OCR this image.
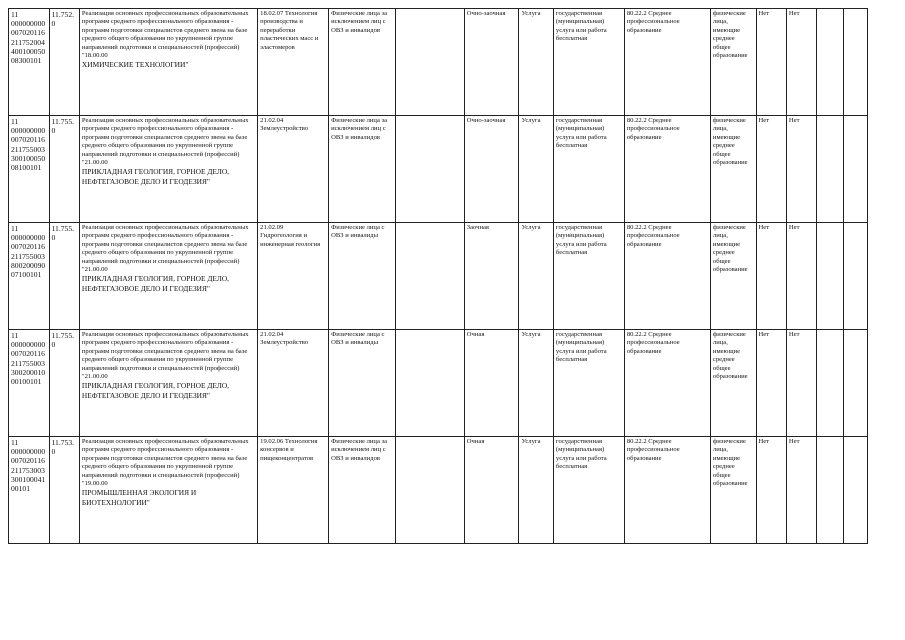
11 00000000000702011621175200440010005008300101	11.752.0	Реализация основных профессиональных образовательных программ среднего профессионального образования - программ подготовки специалистов среднего звена на базе среднего общего образования по укрупненной группе направлений подготовки и специальностей (профессий) "18.00.00
ХИМИЧЕСКИЕ ТЕХНОЛОГИИ"	18.02.07 Технология производства и переработки пластических масс и эластомеров	Физические лица за исключением лиц с ОВЗ и инвалидов		Очно-заочная	Услуга	государственная (муниципальная) услуга или работа бесплатная	80.22.2 Среднее профессиональное образование	физические лица, имеющие среднее общее образование	Нет	Нет		
11 00000000000702011621175500330010005008100101	11.755.0	Реализация основных профессиональных образовательных программ среднего профессионального образования - программ подготовки специалистов среднего звена на базе среднего общего образования по укрупненной группе направлений подготовки и специальностей (профессий) "21.00.00
ПРИКЛАДНАЯ ГЕОЛОГИЯ, ГОРНОЕ ДЕЛО, НЕФТЕГАЗОВОЕ ДЕЛО И ГЕОДЕЗИЯ"	21.02.04 Землеустройство	Физические лица за исключением лиц с ОВЗ и инвалидов		Очно-заочная	Услуга	государственная (муниципальная) услуга или работа бесплатная	80.22.2 Среднее профессиональное образование	физические лица, имеющие среднее общее образование	Нет	Нет		
11 00000000000702011621175500380020009007100101	11.755.0	Реализация основных профессиональных образовательных программ среднего профессионального образования - программ подготовки специалистов среднего звена на базе среднего общего образования по укрупненной группе направлений подготовки и специальностей (профессий) "21.00.00
ПРИКЛАДНАЯ ГЕОЛОГИЯ, ГОРНОЕ ДЕЛО, НЕФТЕГАЗОВОЕ ДЕЛО И ГЕОДЕЗИЯ"	21.02.09 Гидрогеология и инженерная геология	Физические лица с ОВЗ и инвалиды		Заочная	Услуга	государственная (муниципальная) услуга или работа бесплатная	80.22.2 Среднее профессиональное образование	физические лица, имеющие среднее общее образование	Нет	Нет		
11 00000000000702011621175500330020001000100101	11.755.0	Реализация основных профессиональных образовательных программ среднего профессионального образования - программ подготовки специалистов среднего звена на базе среднего общего образования по укрупненной группе направлений подготовки и специальностей (профессий) "21.00.00
ПРИКЛАДНАЯ ГЕОЛОГИЯ, ГОРНОЕ ДЕЛО, НЕФТЕГАЗОВОЕ ДЕЛО И ГЕОДЕЗИЯ"	21.02.04 Землеустройство	Физические лица с ОВЗ и инвалиды		Очная	Услуга	государственная (муниципальная) услуга или работа бесплатная	80.22.2 Среднее профессиональное образование	физические лица, имеющие среднее общее образование	Нет	Нет		
11 00000000000702011621175300330010004100101	11.753.0	Реализация основных профессиональных образовательных программ среднего профессионального образования - программ подготовки специалистов среднего звена на базе среднего общего образования по укрупненной группе направлений подготовки и специальностей (профессий) "19.00.00
ПРОМЫШЛЕННАЯ ЭКОЛОГИЯ И БИОТЕХНОЛОГИИ"	19.02.06 Технология консервов и пищеконцентратов	Физические лица за исключением лиц с ОВЗ и инвалидов		Очная	Услуга	государственная (муниципальная) услуга или работа бесплатная	80.22.2 Среднее профессиональное образование	физические лица, имеющие среднее общее образование	Нет	Нет		
